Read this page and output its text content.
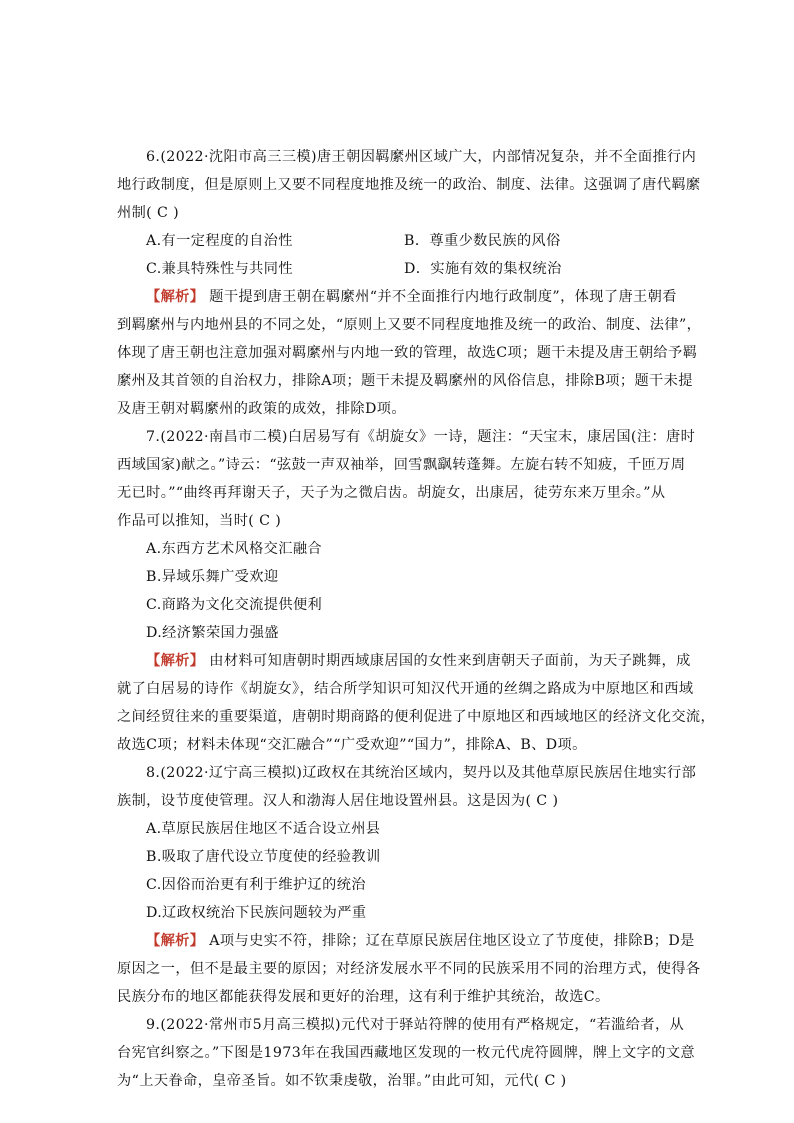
6.(2022·沈阳市高三三模)唐王朝因羁縻州区域广大，内部情况复杂，并不全面推行内
地行政制度，但是原则上又要不同程度地推及统一的政治、制度、法律。这强调了唐代羁縻
州制( C )
A.有一定程度的自治性	B．尊重少数民族的风俗
C.兼具特殊性与共同性	D．实施有效的集权统治
【解析】 题干提到唐王朝在羁縻州“并不全面推行内地行政制度”，体现了唐王朝看
到羁縻州与内地州县的不同之处，“原则上又要不同程度地推及统一的政治、制度、法律”，
体现了唐王朝也注意加强对羁縻州与内地一致的管理，故选C项；题干未提及唐王朝给予羁
縻州及其首领的自治权力，排除A项；题干未提及羁縻州的风俗信息，排除B项；题干未提
及唐王朝对羁縻州的政策的成效，排除D项。
7.(2022·南昌市二模)白居易写有《胡旋女》一诗，题注：“天宝末，康居国(注：唐时
西域国家)献之。”诗云：“弦鼓一声双袖举，回雪飘飖转蓬舞。左旋右转不知疲，千匝万周
无已时。”“曲终再拜谢天子，天子为之微启齿。胡旋女，出康居，徒劳东来万里余。”从
作品可以推知，当时( C )
A.东西方艺术风格交汇融合
B.异域乐舞广受欢迎
C.商路为文化交流提供便利
D.经济繁荣国力强盛
【解析】 由材料可知唐朝时期西域康居国的女性来到唐朝天子面前，为天子跳舞，成
就了白居易的诗作《胡旋女》，结合所学知识可知汉代开通的丝绸之路成为中原地区和西域
之间经贸往来的重要渠道，唐朝时期商路的便利促进了中原地区和西域地区的经济文化交流，
故选C项；材料未体现“交汇融合”“广受欢迎”“国力”，排除A、B、D项。
8.(2022·辽宁高三模拟)辽政权在其统治区域内，契丹以及其他草原民族居住地实行部
族制，设节度使管理。汉人和渤海人居住地设置州县。这是因为( C )
A.草原民族居住地区不适合设立州县
B.吸取了唐代设立节度使的经验教训
C.因俗而治更有利于维护辽的统治
D.辽政权统治下民族问题较为严重
【解析】 A项与史实不符，排除；辽在草原民族居住地区设立了节度使，排除B；D是
原因之一，但不是最主要的原因；对经济发展水平不同的民族采用不同的治理方式，使得各
民族分布的地区都能获得发展和更好的治理，这有利于维护其统治，故选C。
9.(2022·常州市5月高三模拟)元代对于驿站符牌的使用有严格规定，“若滥给者，从
台宪官纠察之。”下图是1973年在我国西藏地区发现的一枚元代虎符圆牌，牌上文字的文意
为“上天眷命，皇帝圣旨。如不钦秉虔敬，治罪。”由此可知，元代( C )
